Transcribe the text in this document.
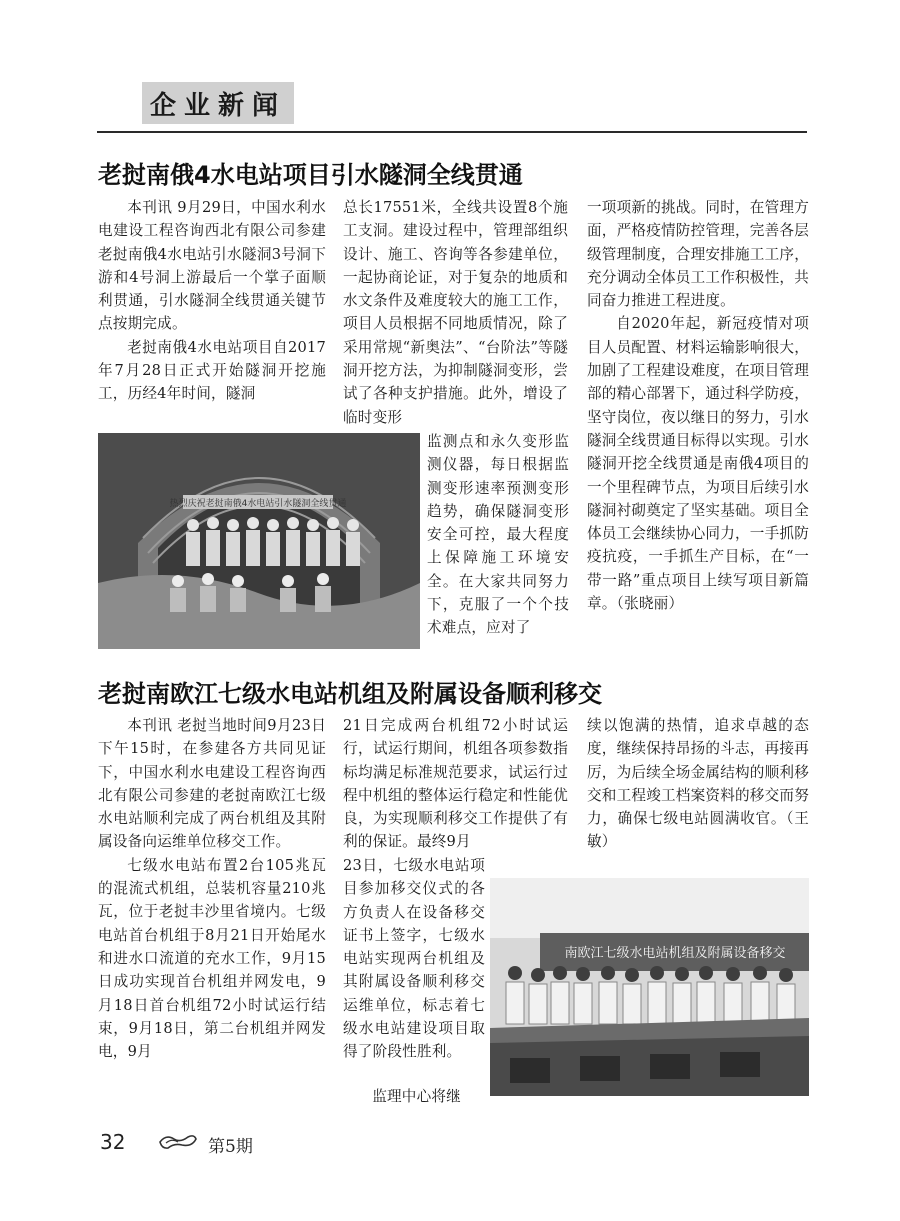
企业新闻
老挝南俄4水电站项目引水隧洞全线贯通

本刊讯 9月29日，中国水利水电建设工程咨询西北有限公司参建老挝南俄4水电站引水隧洞3号洞下游和4号洞上游最后一个掌子面顺利贯通，引水隧洞全线贯通关键节点按期完成。

老挝南俄4水电站项目自2017年7月28日正式开始隧洞开挖施工，历经4年时间，隧洞

总长17551米，全线共设置8个施工支洞。建设过程中，管理部组织设计、施工、咨询等各参建单位，一起协商论证，对于复杂的地质和水文条件及难度较大的施工工作，项目人员根据不同地质情况，除了采用常规“新奥法”、“台阶法”等隧洞开挖方法，为抑制隧洞变形，尝试了各种支护措施。此外，增设了临时变形

监测点和永久变形监测仪器，每日根据监测变形速率预测变形趋势，确保隧洞变形安全可控，最大程度上保障施工环境安全。在大家共同努力下，克服了一个个技术难点，应对了

一项项新的挑战。同时，在管理方面，严格疫情防控管理，完善各层级管理制度，合理安排施工工序，充分调动全体员工工作积极性，共同奋力推进工程进度。

自2020年起，新冠疫情对项目人员配置、材料运输影响很大，加剧了工程建设难度，在项目管理部的精心部署下，通过科学防疫，坚守岗位，夜以继日的努力，引水隧洞全线贯通目标得以实现。引水隧洞开挖全线贯通是南俄4项目的一个里程碑节点，为项目后续引水隧洞衬砌奠定了坚实基础。项目全体员工会继续协心同力，一手抓防疫抗疫，一手抓生产目标，在“一带一路”重点项目上续写项目新篇章。（张晓丽）

热烈庆祝老挝南俄4水电站引水隧洞全线贯通
老挝南欧江七级水电站机组及附属设备顺利移交

本刊讯 老挝当地时间9月23日下午15时，在参建各方共同见证下，中国水利水电建设工程咨询西北有限公司参建的老挝南欧江七级水电站顺利完成了两台机组及其附属设备向运维单位移交工作。

七级水电站布置2台105兆瓦的混流式机组，总装机容量210兆瓦，位于老挝丰沙里省境内。七级电站首台机组于8月21日开始尾水和进水口流道的充水工作，9月15日成功实现首台机组并网发电，9月18日首台机组72小时试运行结束，9月18日，第二台机组并网发电，9月

21日完成两台机组72小时试运行，试运行期间，机组各项参数指标均满足标准规范要求，试运行过程中机组的整体运行稳定和性能优良，为实现顺利移交工作提供了有利的保证。最终9月

23日，七级水电站项目参加移交仪式的各方负责人在设备移交证书上签字，七级水电站实现两台机组及其附属设备顺利移交运维单位，标志着七级水电站建设项目取得了阶段性胜利。

监理中心将继

续以饱满的热情，追求卓越的态度，继续保持昂扬的斗志，再接再厉，为后续全场金属结构的顺利移交和工程竣工档案资料的移交而努力，确保七级电站圆满收官。（王敏）

南欧江七级水电站机组及附属设备移交
32	第5期
